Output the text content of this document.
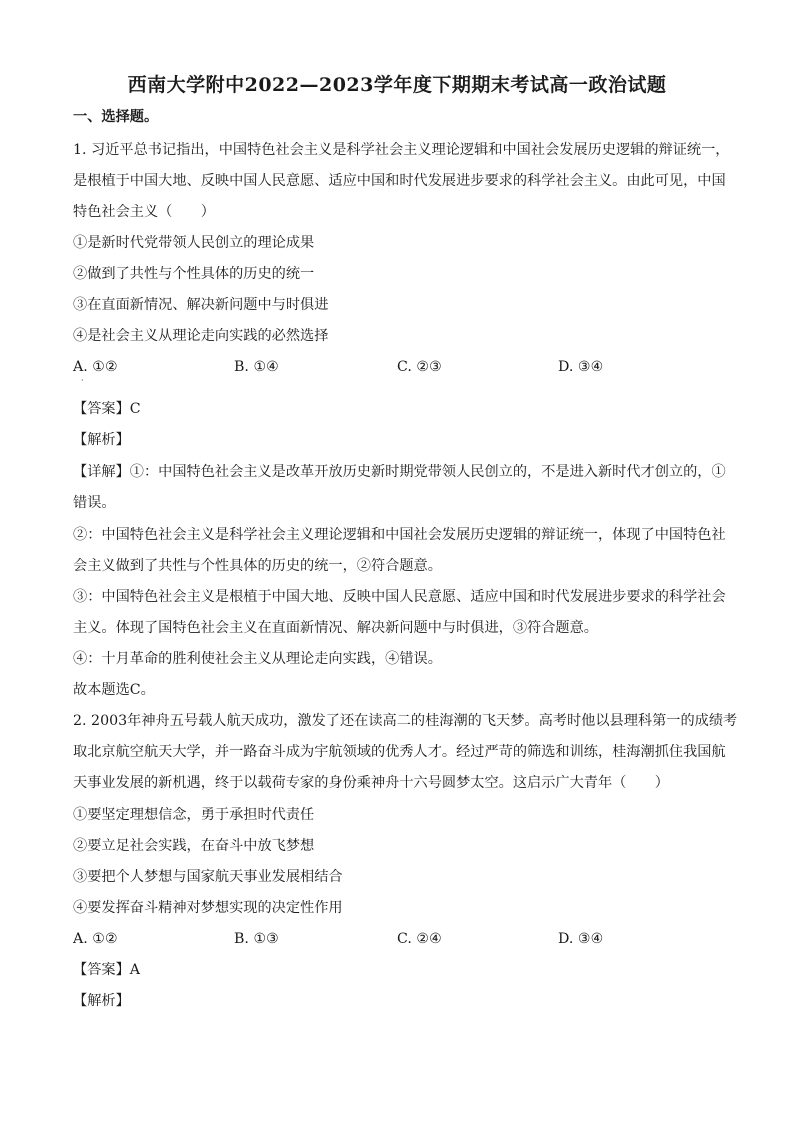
西南大学附中2022—2023学年度下期期末考试高一政治试题
一、选择题。
1. 习近平总书记指出，中国特色社会主义是科学社会主义理论逻辑和中国社会发展历史逻辑的辩证统一，
是根植于中国大地、反映中国人民意愿、适应中国和时代发展进步要求的科学社会主义。由此可见，中国
特色社会主义（　　）
①是新时代党带领人民创立的理论成果
②做到了共性与个性具体的历史的统一
③在直面新情况、解决新问题中与时俱进
④是社会主义从理论走向实践的必然选择
A. ①②
·
B. ①④	C. ②③	D. ③④
【答案】C
【解析】
【详解】①：中国特色社会主义是改革开放历史新时期党带领人民创立的，不是进入新时代才创立的，①
错误。
②：中国特色社会主义是科学社会主义理论逻辑和中国社会发展历史逻辑的辩证统一，体现了中国特色社
会主义做到了共性与个性具体的历史的统一，②符合题意。
③：中国特色社会主义是根植于中国大地、反映中国人民意愿、适应中国和时代发展进步要求的科学社会
主义。体现了国特色社会主义在直面新情况、解决新问题中与时俱进，③符合题意。
④：十月革命的胜利使社会主义从理论走向实践，④错误。
故本题选C。
2. 2003年神舟五号载人航天成功，激发了还在读高二的桂海潮的飞天梦。高考时他以县理科第一的成绩考
取北京航空航天大学，并一路奋斗成为宇航领域的优秀人才。经过严苛的筛选和训练，桂海潮抓住我国航
天事业发展的新机遇，终于以载荷专家的身份乘神舟十六号圆梦太空。这启示广大青年（　　）
①要坚定理想信念，勇于承担时代责任
②要立足社会实践，在奋斗中放飞梦想
③要把个人梦想与国家航天事业发展相结合
④要发挥奋斗精神对梦想实现的决定性作用
A. ①②	B. ①③	C. ②④	D. ③④
【答案】A
【解析】
